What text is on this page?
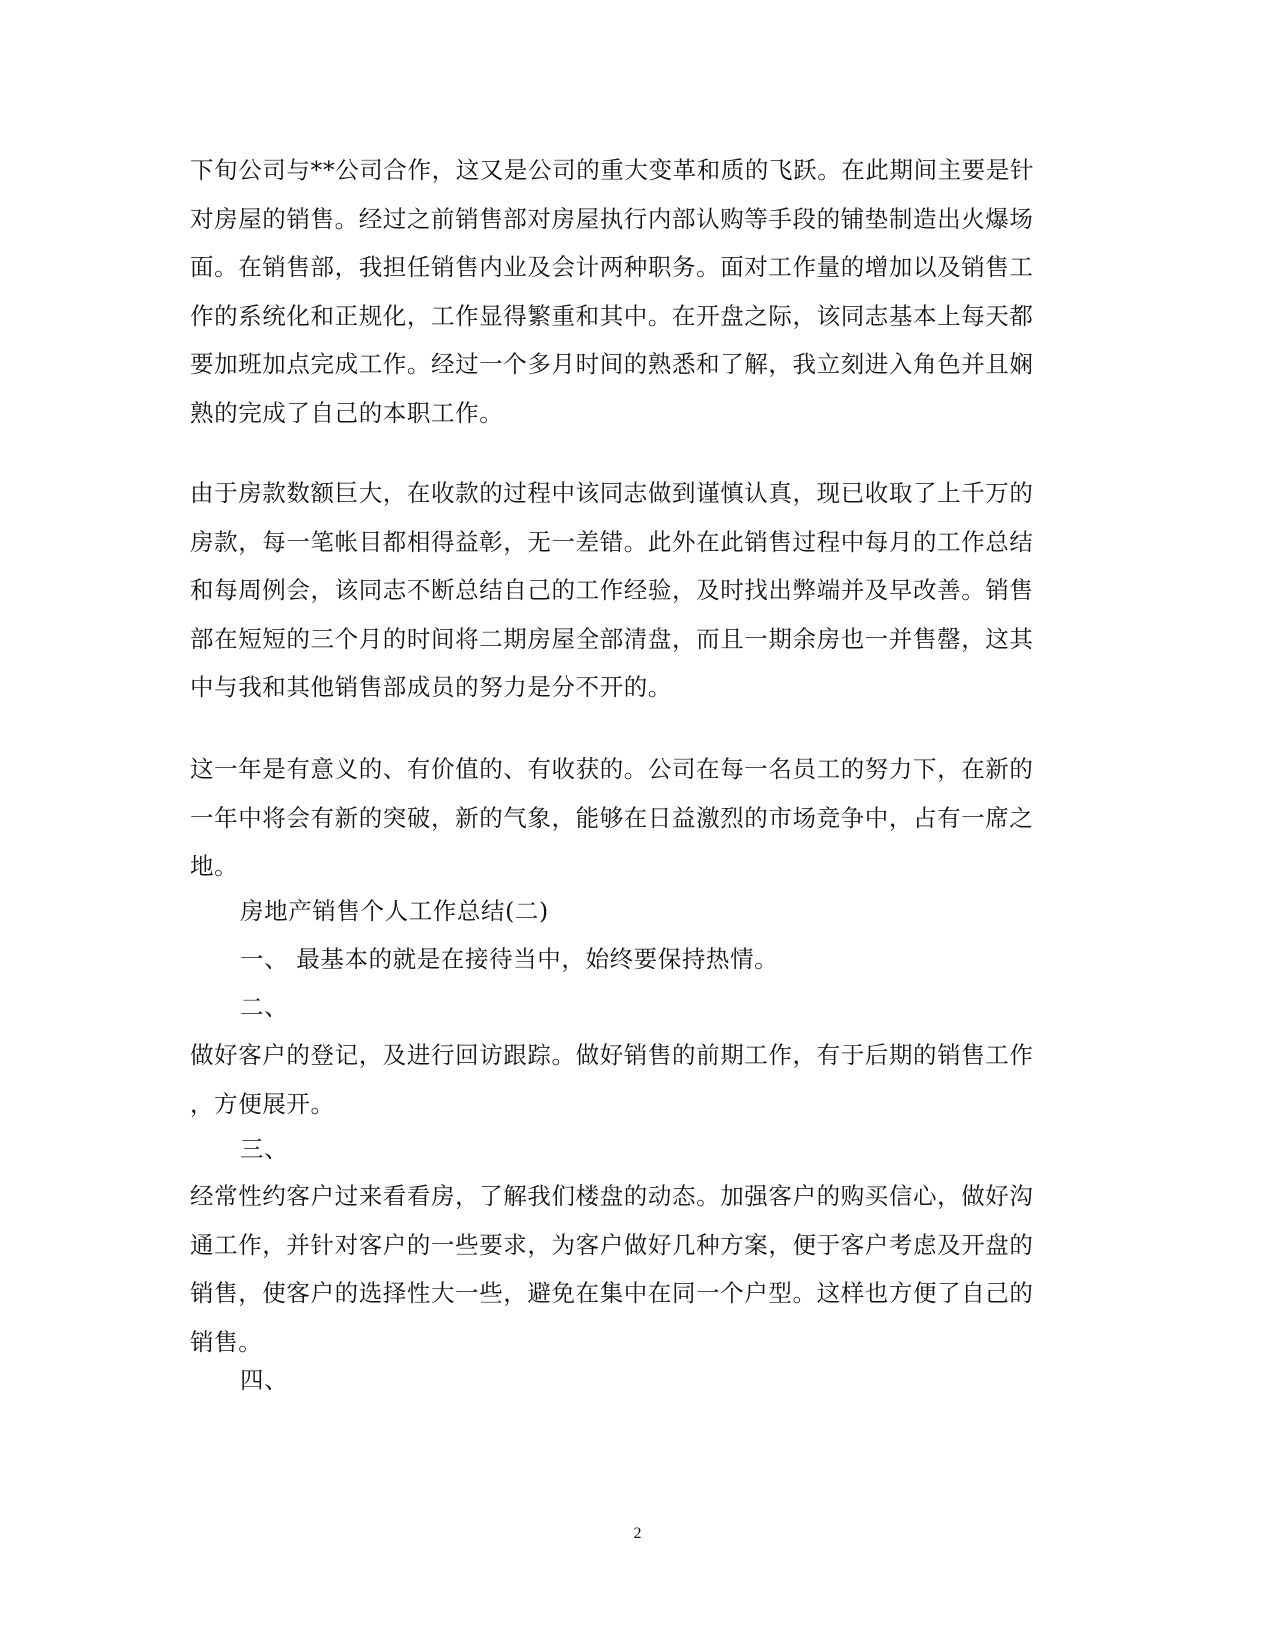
下旬公司与**公司合作，这又是公司的重大变革和质的飞跃。在此期间主要是针
对房屋的销售。经过之前销售部对房屋执行内部认购等手段的铺垫制造出火爆场
面。在销售部，我担任销售内业及会计两种职务。面对工作量的增加以及销售工
作的系统化和正规化，工作显得繁重和其中。在开盘之际，该同志基本上每天都
要加班加点完成工作。经过一个多月时间的熟悉和了解，我立刻进入角色并且娴
熟的完成了自己的本职工作。
由于房款数额巨大，在收款的过程中该同志做到谨慎认真，现已收取了上千万的
房款，每一笔帐目都相得益彰，无一差错。此外在此销售过程中每月的工作总结
和每周例会，该同志不断总结自己的工作经验，及时找出弊端并及早改善。销售
部在短短的三个月的时间将二期房屋全部清盘，而且一期余房也一并售罄，这其
中与我和其他销售部成员的努力是分不开的。
这一年是有意义的、有价值的、有收获的。公司在每一名员工的努力下，在新的
一年中将会有新的突破，新的气象，能够在日益激烈的市场竞争中，占有一席之
地。
房地产销售个人工作总结(二)
一、 最基本的就是在接待当中，始终要保持热情。
二、
做好客户的登记，及进行回访跟踪。做好销售的前期工作，有于后期的销售工作
，方便展开。
三、
经常性约客户过来看看房，了解我们楼盘的动态。加强客户的购买信心，做好沟
通工作，并针对客户的一些要求，为客户做好几种方案，便于客户考虑及开盘的
销售，使客户的选择性大一些，避免在集中在同一个户型。这样也方便了自己的
销售。
四、
2
